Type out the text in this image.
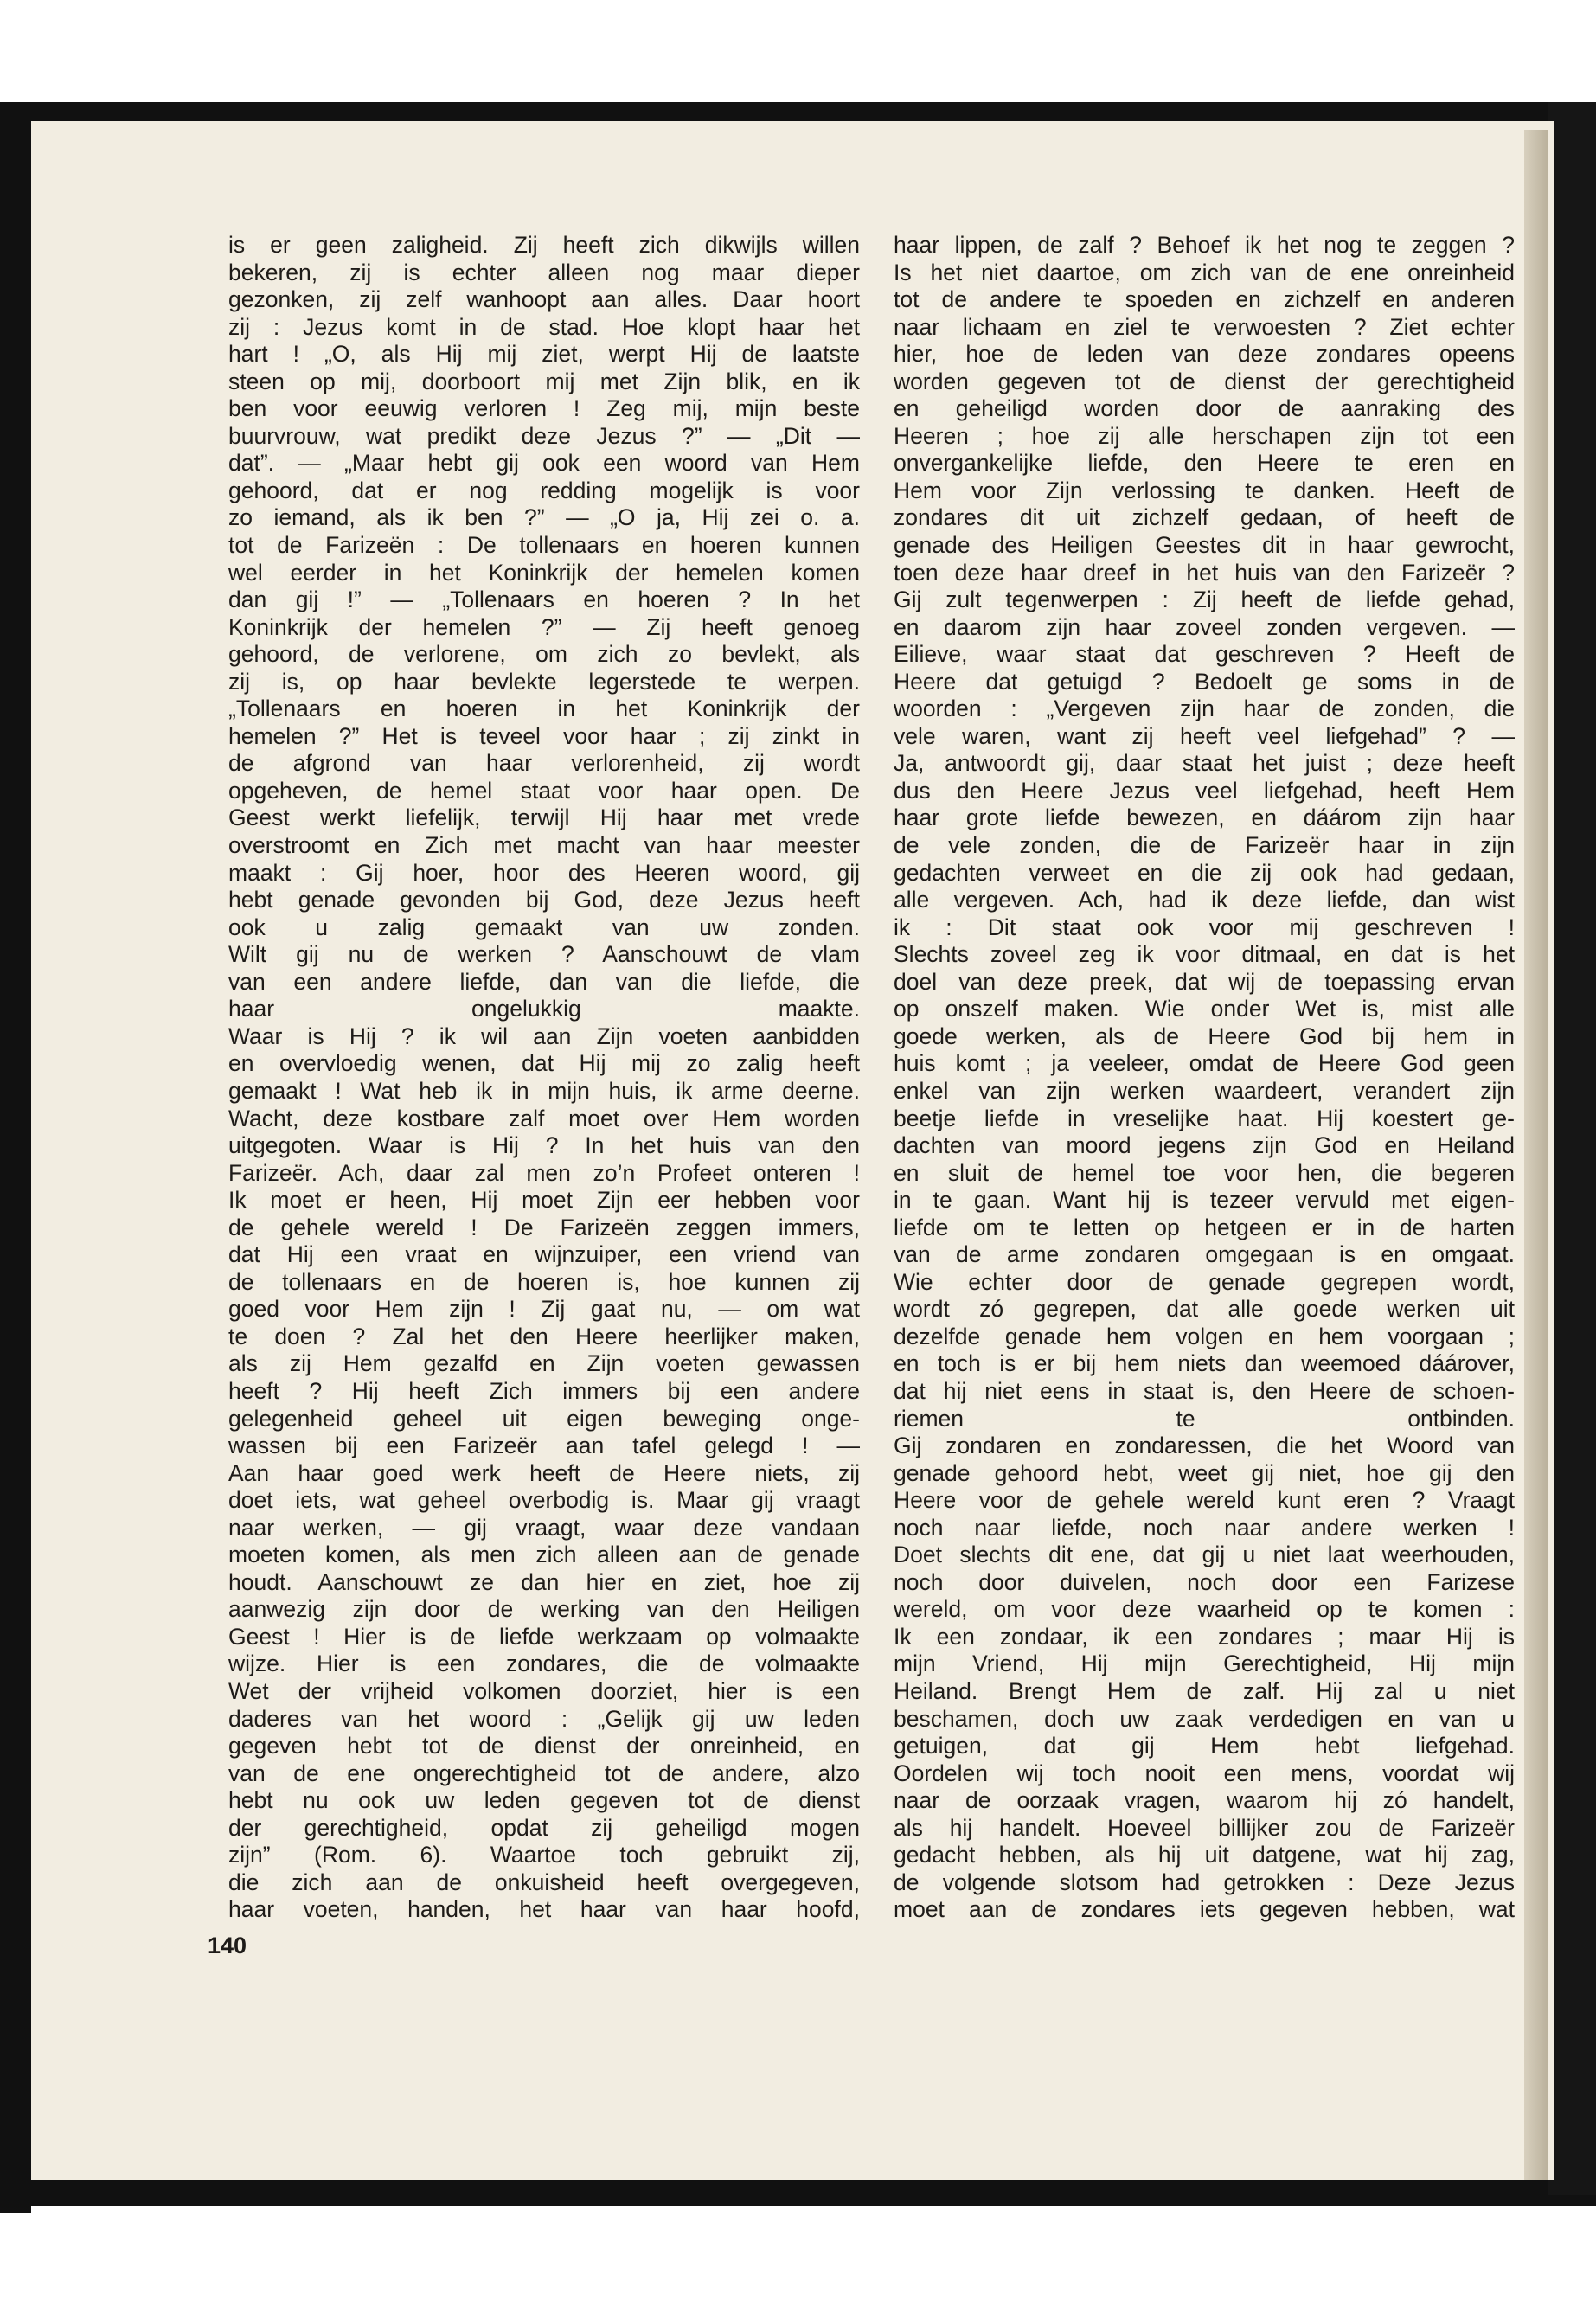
is er geen zaligheid. Zij heeft zich dikwijls willen
bekeren, zij is echter alleen nog maar dieper
gezonken, zij zelf wanhoopt aan alles. Daar hoort
zij : Jezus komt in de stad. Hoe klopt haar het
hart ! „O, als Hij mij ziet, werpt Hij de laatste
steen op mij, doorboort mij met Zijn blik, en ik
ben voor eeuwig verloren ! Zeg mij, mijn beste
buurvrouw, wat predikt deze Jezus ?” — „Dit —
dat”. — „Maar hebt gij ook een woord van Hem
gehoord, dat er nog redding mogelijk is voor
zo iemand, als ik ben ?” — „O ja, Hij zei o. a.
tot de Farizeën : De tollenaars en hoeren kunnen
wel eerder in het Koninkrijk der hemelen komen
dan gij !” — „Tollenaars en hoeren ? In het
Koninkrijk der hemelen ?” — Zij heeft genoeg
gehoord, de verlorene, om zich zo bevlekt, als
zij is, op haar bevlekte legerstede te werpen.
„Tollenaars en hoeren in het Koninkrijk der
hemelen ?” Het is teveel voor haar ; zij zinkt in
de afgrond van haar verlorenheid, zij wordt
opgeheven, de hemel staat voor haar open. De
Geest werkt liefelijk, terwijl Hij haar met vrede
overstroomt en Zich met macht van haar meester
maakt : Gij hoer, hoor des Heeren woord, gij
hebt genade gevonden bij God, deze Jezus heeft
ook u zalig gemaakt van uw zonden.
Wilt gij nu de werken ? Aanschouwt de vlam
van een andere liefde, dan van die liefde, die
haar ongelukkig maakte.
Waar is Hij ? ik wil aan Zijn voeten aanbidden
en overvloedig wenen, dat Hij mij zo zalig heeft
gemaakt ! Wat heb ik in mijn huis, ik arme deerne.
Wacht, deze kostbare zalf moet over Hem worden
uitgegoten. Waar is Hij ? In het huis van den
Farizeër. Ach, daar zal men zo’n Profeet onteren !
Ik moet er heen, Hij moet Zijn eer hebben voor
de gehele wereld ! De Farizeën zeggen immers,
dat Hij een vraat en wijnzuiper, een vriend van
de tollenaars en de hoeren is, hoe kunnen zij
goed voor Hem zijn ! Zij gaat nu, — om wat
te doen ? Zal het den Heere heerlijker maken,
als zij Hem gezalfd en Zijn voeten gewassen
heeft ? Hij heeft Zich immers bij een andere
gelegenheid geheel uit eigen beweging onge-
wassen bij een Farizeër aan tafel gelegd ! —
Aan haar goed werk heeft de Heere niets, zij
doet iets, wat geheel overbodig is. Maar gij vraagt
naar werken, — gij vraagt, waar deze vandaan
moeten komen, als men zich alleen aan de genade
houdt. Aanschouwt ze dan hier en ziet, hoe zij
aanwezig zijn door de werking van den Heiligen
Geest ! Hier is de liefde werkzaam op volmaakte
wijze. Hier is een zondares, die de volmaakte
Wet der vrijheid volkomen doorziet, hier is een
daderes van het woord : „Gelijk gij uw leden
gegeven hebt tot de dienst der onreinheid, en
van de ene ongerechtigheid tot de andere, alzo
hebt nu ook uw leden gegeven tot de dienst
der gerechtigheid, opdat zij geheiligd mogen
zijn” (Rom. 6). Waartoe toch gebruikt zij,
die zich aan de onkuisheid heeft overgegeven,
haar voeten, handen, het haar van haar hoofd,
haar lippen, de zalf ? Behoef ik het nog te zeggen ?
Is het niet daartoe, om zich van de ene onreinheid
tot de andere te spoeden en zichzelf en anderen
naar lichaam en ziel te verwoesten ? Ziet echter
hier, hoe de leden van deze zondares opeens
worden gegeven tot de dienst der gerechtigheid
en geheiligd worden door de aanraking des
Heeren ; hoe zij alle herschapen zijn tot een
onvergankelijke liefde, den Heere te eren en
Hem voor Zijn verlossing te danken. Heeft de
zondares dit uit zichzelf gedaan, of heeft de
genade des Heiligen Geestes dit in haar gewrocht,
toen deze haar dreef in het huis van den Farizeër ?
Gij zult tegenwerpen : Zij heeft de liefde gehad,
en daarom zijn haar zoveel zonden vergeven. —
Eilieve, waar staat dat geschreven ? Heeft de
Heere dat getuigd ? Bedoelt ge soms in de
woorden : „Vergeven zijn haar de zonden, die
vele waren, want zij heeft veel liefgehad” ? —
Ja, antwoordt gij, daar staat het juist ; deze heeft
dus den Heere Jezus veel liefgehad, heeft Hem
haar grote liefde bewezen, en dáárom zijn haar
de vele zonden, die de Farizeër haar in zijn
gedachten verweet en die zij ook had gedaan,
alle vergeven. Ach, had ik deze liefde, dan wist
ik : Dit staat ook voor mij geschreven !
Slechts zoveel zeg ik voor ditmaal, en dat is het
doel van deze preek, dat wij de toepassing ervan
op onszelf maken. Wie onder Wet is, mist alle
goede werken, als de Heere God bij hem in
huis komt ; ja veeleer, omdat de Heere God geen
enkel van zijn werken waardeert, verandert zijn
beetje liefde in vreselijke haat. Hij koestert ge-
dachten van moord jegens zijn God en Heiland
en sluit de hemel toe voor hen, die begeren
in te gaan. Want hij is tezeer vervuld met eigen-
liefde om te letten op hetgeen er in de harten
van de arme zondaren omgegaan is en omgaat.
Wie echter door de genade gegrepen wordt,
wordt zó gegrepen, dat alle goede werken uit
dezelfde genade hem volgen en hem voorgaan ;
en toch is er bij hem niets dan weemoed dáárover,
dat hij niet eens in staat is, den Heere de schoen-
riemen te ontbinden.
Gij zondaren en zondaressen, die het Woord van
genade gehoord hebt, weet gij niet, hoe gij den
Heere voor de gehele wereld kunt eren ? Vraagt
noch naar liefde, noch naar andere werken !
Doet slechts dit ene, dat gij u niet laat weerhouden,
noch door duivelen, noch door een Farizese
wereld, om voor deze waarheid op te komen :
Ik een zondaar, ik een zondares ; maar Hij is
mijn Vriend, Hij mijn Gerechtigheid, Hij mijn
Heiland. Brengt Hem de zalf. Hij zal u niet
beschamen, doch uw zaak verdedigen en van u
getuigen, dat gij Hem hebt liefgehad.
Oordelen wij toch nooit een mens, voordat wij
naar de oorzaak vragen, waarom hij zó handelt,
als hij handelt. Hoeveel billijker zou de Farizeër
gedacht hebben, als hij uit datgene, wat hij zag,
de volgende slotsom had getrokken : Deze Jezus
moet aan de zondares iets gegeven hebben, wat
140
